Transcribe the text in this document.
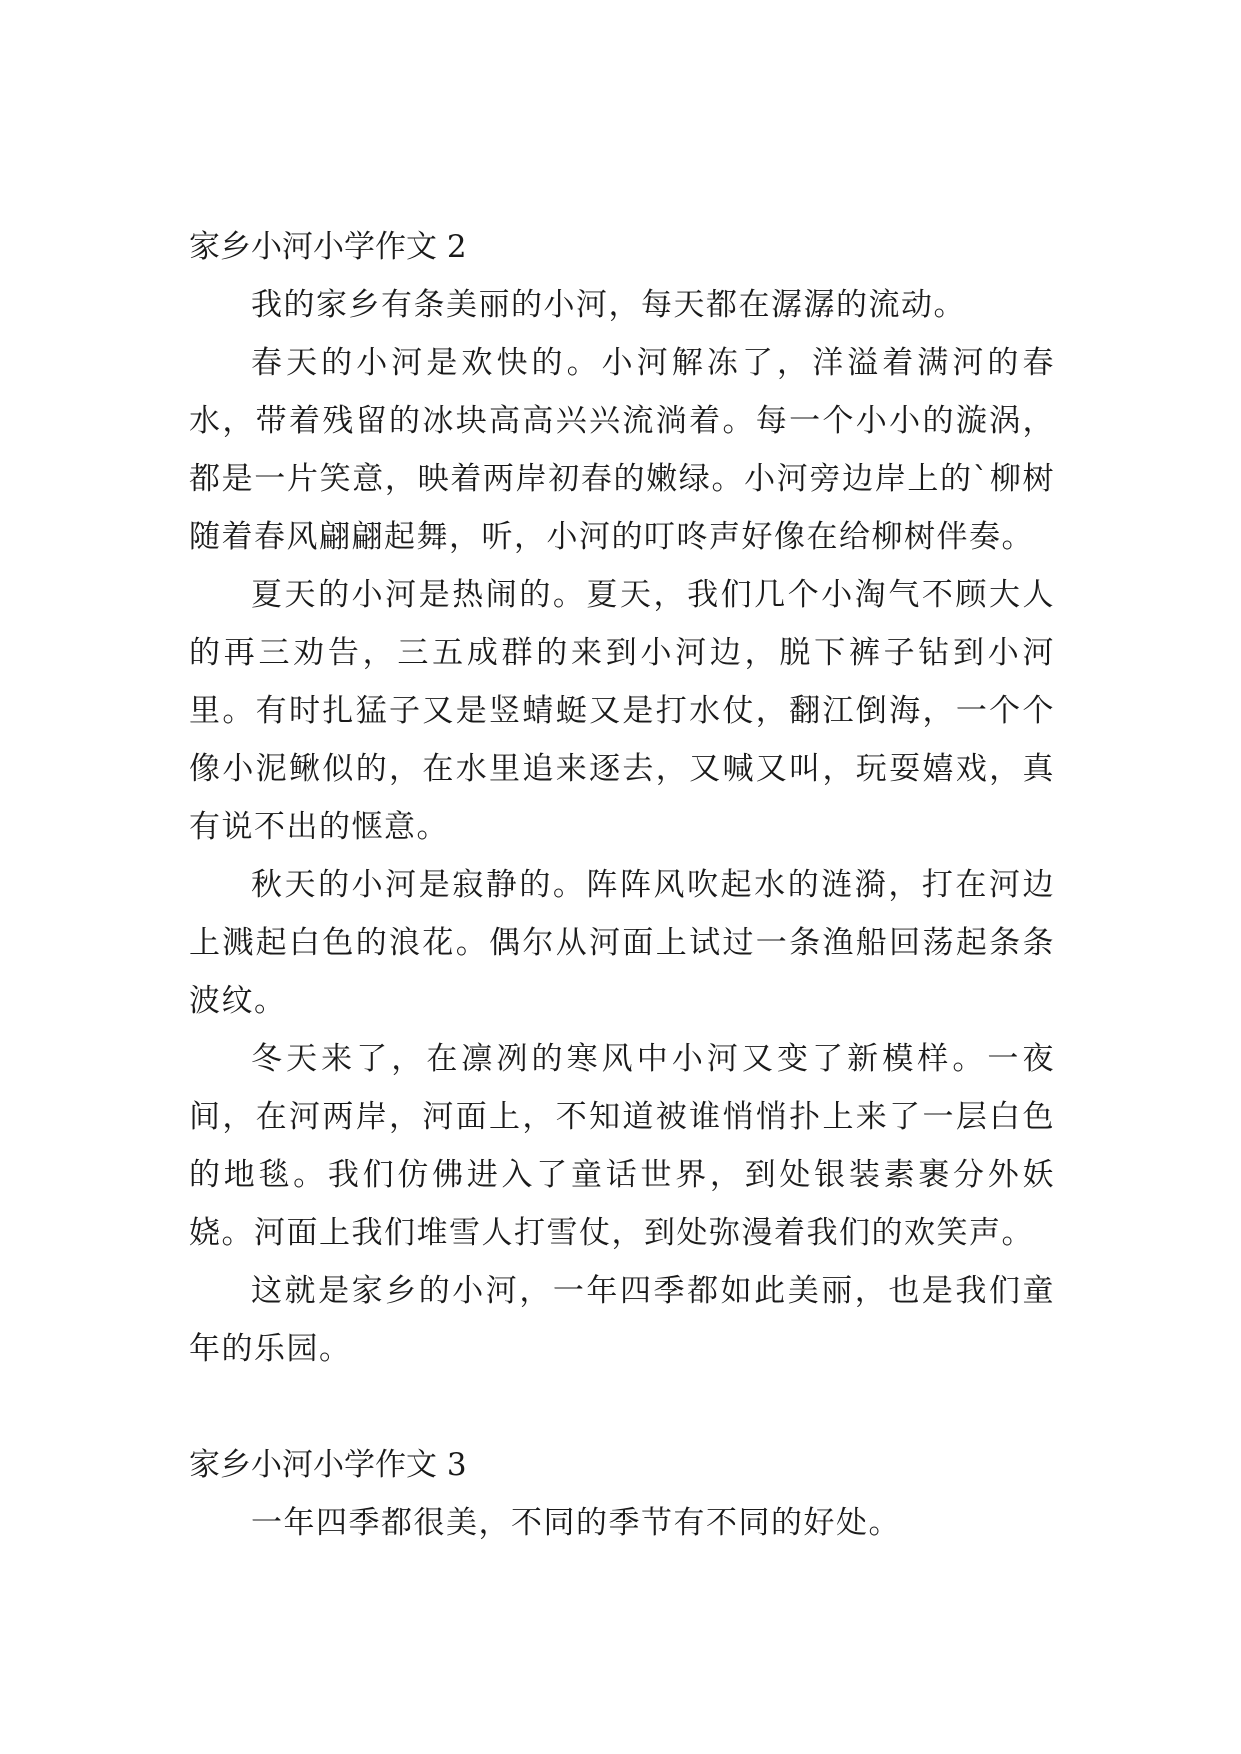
家乡小河小学作文 2

我的家乡有条美丽的小河，每天都在潺潺的流动。

春天的小河是欢快的。小河解冻了，洋溢着满河的春水，带着残留的冰块高高兴兴流淌着。每一个小小的漩涡，都是一片笑意，映着两岸初春的嫩绿。小河旁边岸上的`柳树随着春风翩翩起舞，听，小河的叮咚声好像在给柳树伴奏。

夏天的小河是热闹的。夏天，我们几个小淘气不顾大人的再三劝告，三五成群的来到小河边，脱下裤子钻到小河里。有时扎猛子又是竖蜻蜓又是打水仗，翻江倒海，一个个像小泥鳅似的，在水里追来逐去，又喊又叫，玩耍嬉戏，真有说不出的惬意。

秋天的小河是寂静的。阵阵风吹起水的涟漪，打在河边上溅起白色的浪花。偶尔从河面上试过一条渔船回荡起条条波纹。

冬天来了，在凛冽的寒风中小河又变了新模样。一夜间，在河两岸，河面上，不知道被谁悄悄扑上来了一层白色的地毯。我们仿佛进入了童话世界，到处银装素裹分外妖娆。河面上我们堆雪人打雪仗，到处弥漫着我们的欢笑声。

这就是家乡的小河，一年四季都如此美丽，也是我们童年的乐园。

家乡小河小学作文 3

一年四季都很美，不同的季节有不同的好处。
